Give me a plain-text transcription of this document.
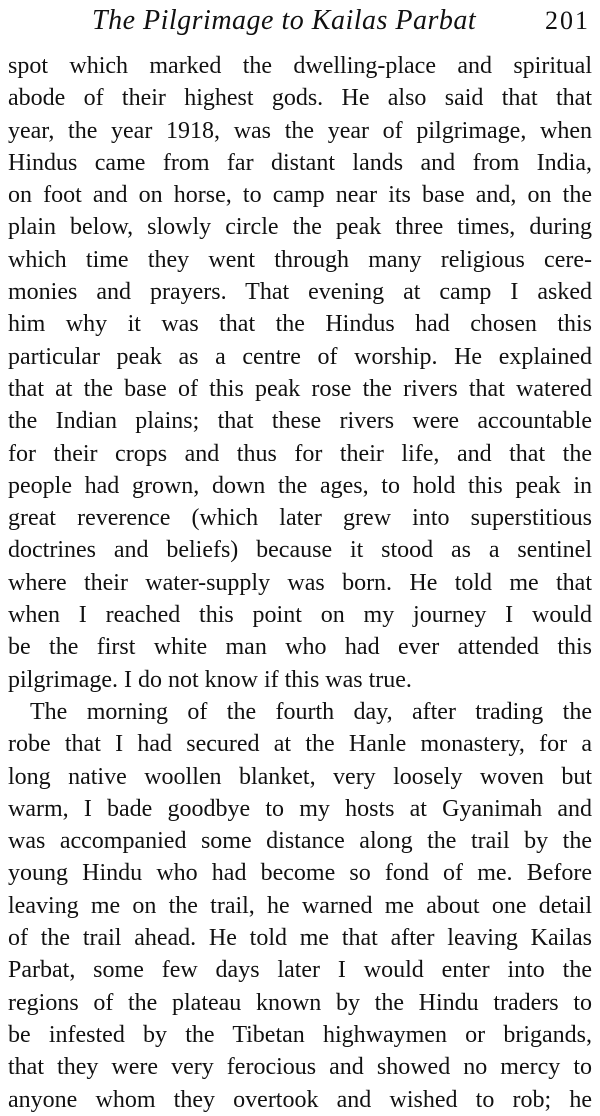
The Pilgrimage to Kailas Parbat	201
spot which marked the dwelling-place and spiritual
abode of their highest gods. He also said that that
year, the year 1918, was the year of pilgrimage, when
Hindus came from far distant lands and from India,
on foot and on horse, to camp near its base and, on the
plain below, slowly circle the peak three times, during
which time they went through many religious cere-
monies and prayers. That evening at camp I asked
him why it was that the Hindus had chosen this
particular peak as a centre of worship. He explained
that at the base of this peak rose the rivers that watered
the Indian plains; that these rivers were accountable
for their crops and thus for their life, and that the
people had grown, down the ages, to hold this peak in
great reverence (which later grew into superstitious
doctrines and beliefs) because it stood as a sentinel
where their water-supply was born. He told me that
when I reached this point on my journey I would
be the first white man who had ever attended this
pilgrimage. I do not know if this was true.
The morning of the fourth day, after trading the
robe that I had secured at the Hanle monastery, for a
long native woollen blanket, very loosely woven but
warm, I bade goodbye to my hosts at Gyanimah and
was accompanied some distance along the trail by the
young Hindu who had become so fond of me. Before
leaving me on the trail, he warned me about one detail
of the trail ahead. He told me that after leaving Kailas
Parbat, some few days later I would enter into the
regions of the plateau known by the Hindu traders to
be infested by the Tibetan highwaymen or brigands,
that they were very ferocious and showed no mercy to
anyone whom they overtook and wished to rob; he
